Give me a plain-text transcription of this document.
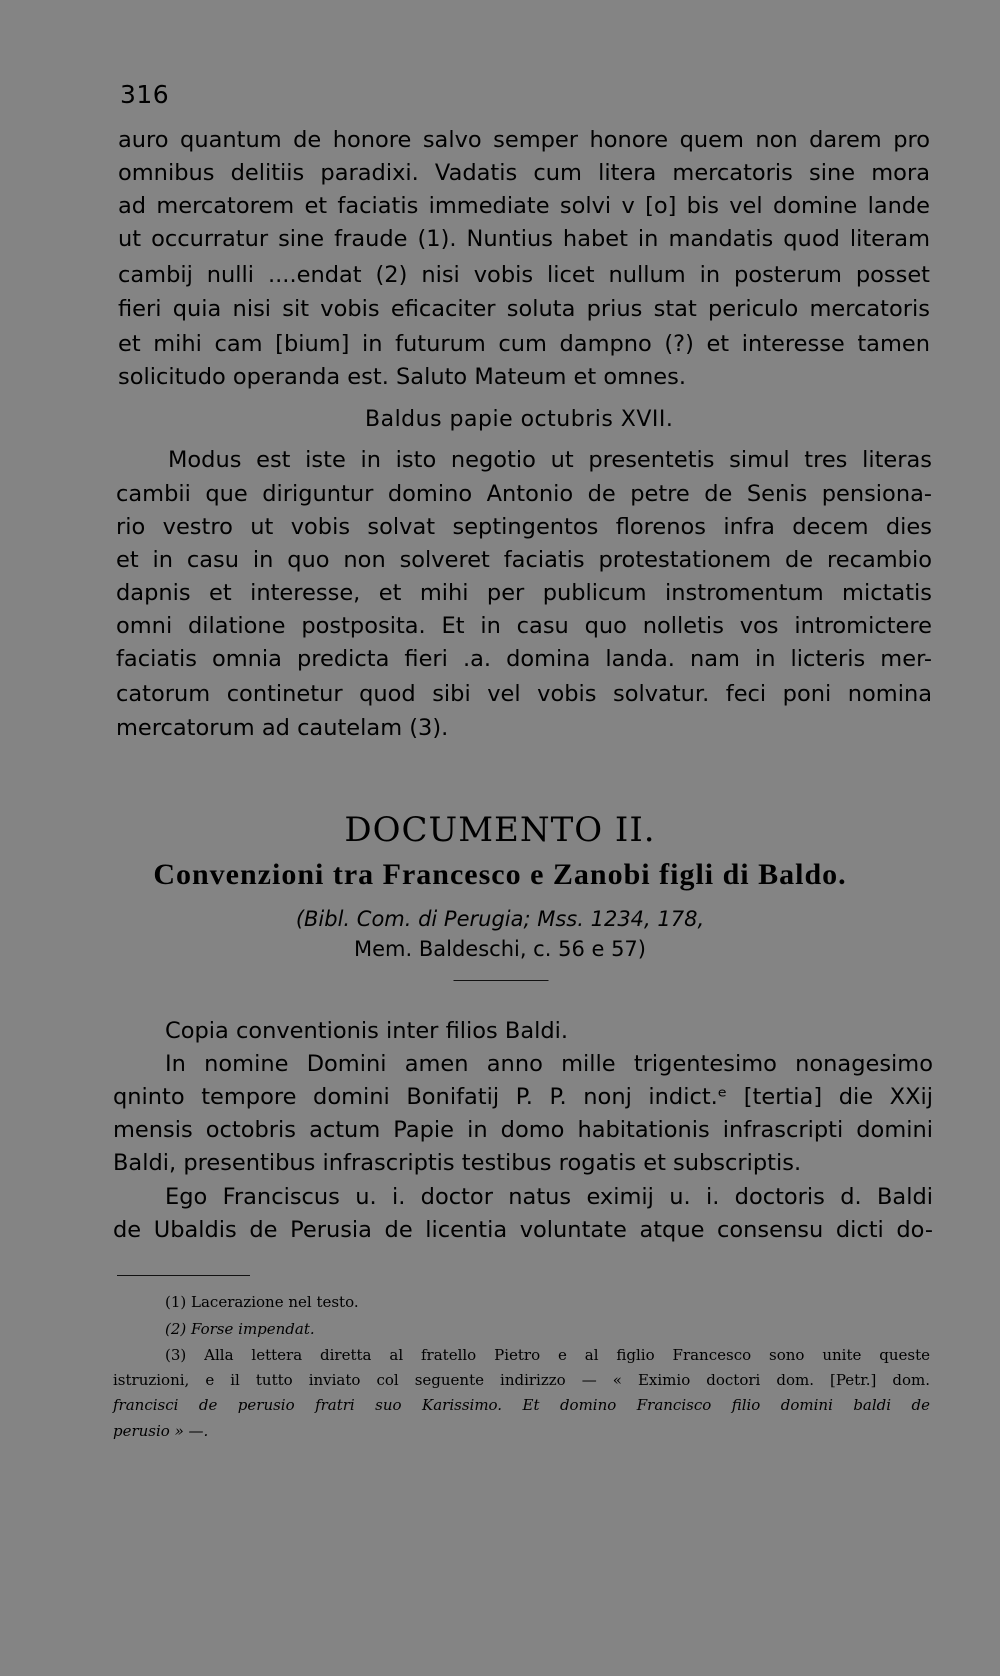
316
auro quantum de honore salvo semper honore quem non darem pro
omnibus delitiis paradixi. Vadatis cum litera mercatoris sine mora
ad mercatorem et faciatis immediate solvi v [o] bis vel domine lande
ut occurratur sine fraude (1). Nuntius habet in mandatis quod literam
cambij nulli ....endat (2) nisi vobis licet nullum in posterum posset
fieri quia nisi sit vobis eficaciter soluta prius stat periculo mercatoris
et mihi cam [bium] in futurum cum dampno (?) et interesse tamen
solicitudo operanda est. Saluto Mateum et omnes.
Baldus papie octubris XVII.
Modus est iste in isto negotio ut presentetis simul tres literas
cambii que diriguntur domino Antonio de petre de Senis pensiona-
rio vestro ut vobis solvat septingentos florenos infra decem dies
et in casu in quo non solveret faciatis protestationem de recambio
dapnis et interesse, et mihi per publicum instromentum mictatis
omni dilatione postposita. Et in casu quo nolletis vos intromictere
faciatis omnia predicta fieri .a. domina landa. nam in licteris mer-
catorum continetur quod sibi vel vobis solvatur. feci poni nomina
mercatorum ad cautelam (3).
DOCUMENTO II.
Convenzioni tra Francesco e Zanobi figli di Baldo.
(Bibl. Com. di Perugia; Mss. 1234, 178,
Mem. Baldeschi, c. 56 e 57)
Copia conventionis inter filios Baldi.
In nomine Domini amen anno mille trigentesimo nonagesimo
qninto tempore domini Bonifatij P. P. nonj indict.ᵉ [tertia] die XXij
mensis octobris actum Papie in domo habitationis infrascripti domini
Baldi, presentibus infrascriptis testibus rogatis et subscriptis.
Ego Franciscus u. i. doctor natus eximij u. i. doctoris d. Baldi
de Ubaldis de Perusia de licentia voluntate atque consensu dicti do-
(1) Lacerazione nel testo.
(2) Forse impendat.
(3) Alla lettera diretta al fratello Pietro e al figlio Francesco sono unite queste
istruzioni, e il tutto inviato col seguente indirizzo — « Eximio doctori dom. [Petr.] dom.
francisci de perusio fratri suo Karissimo. Et domino Francisco filio domini baldi de
perusio » —.
